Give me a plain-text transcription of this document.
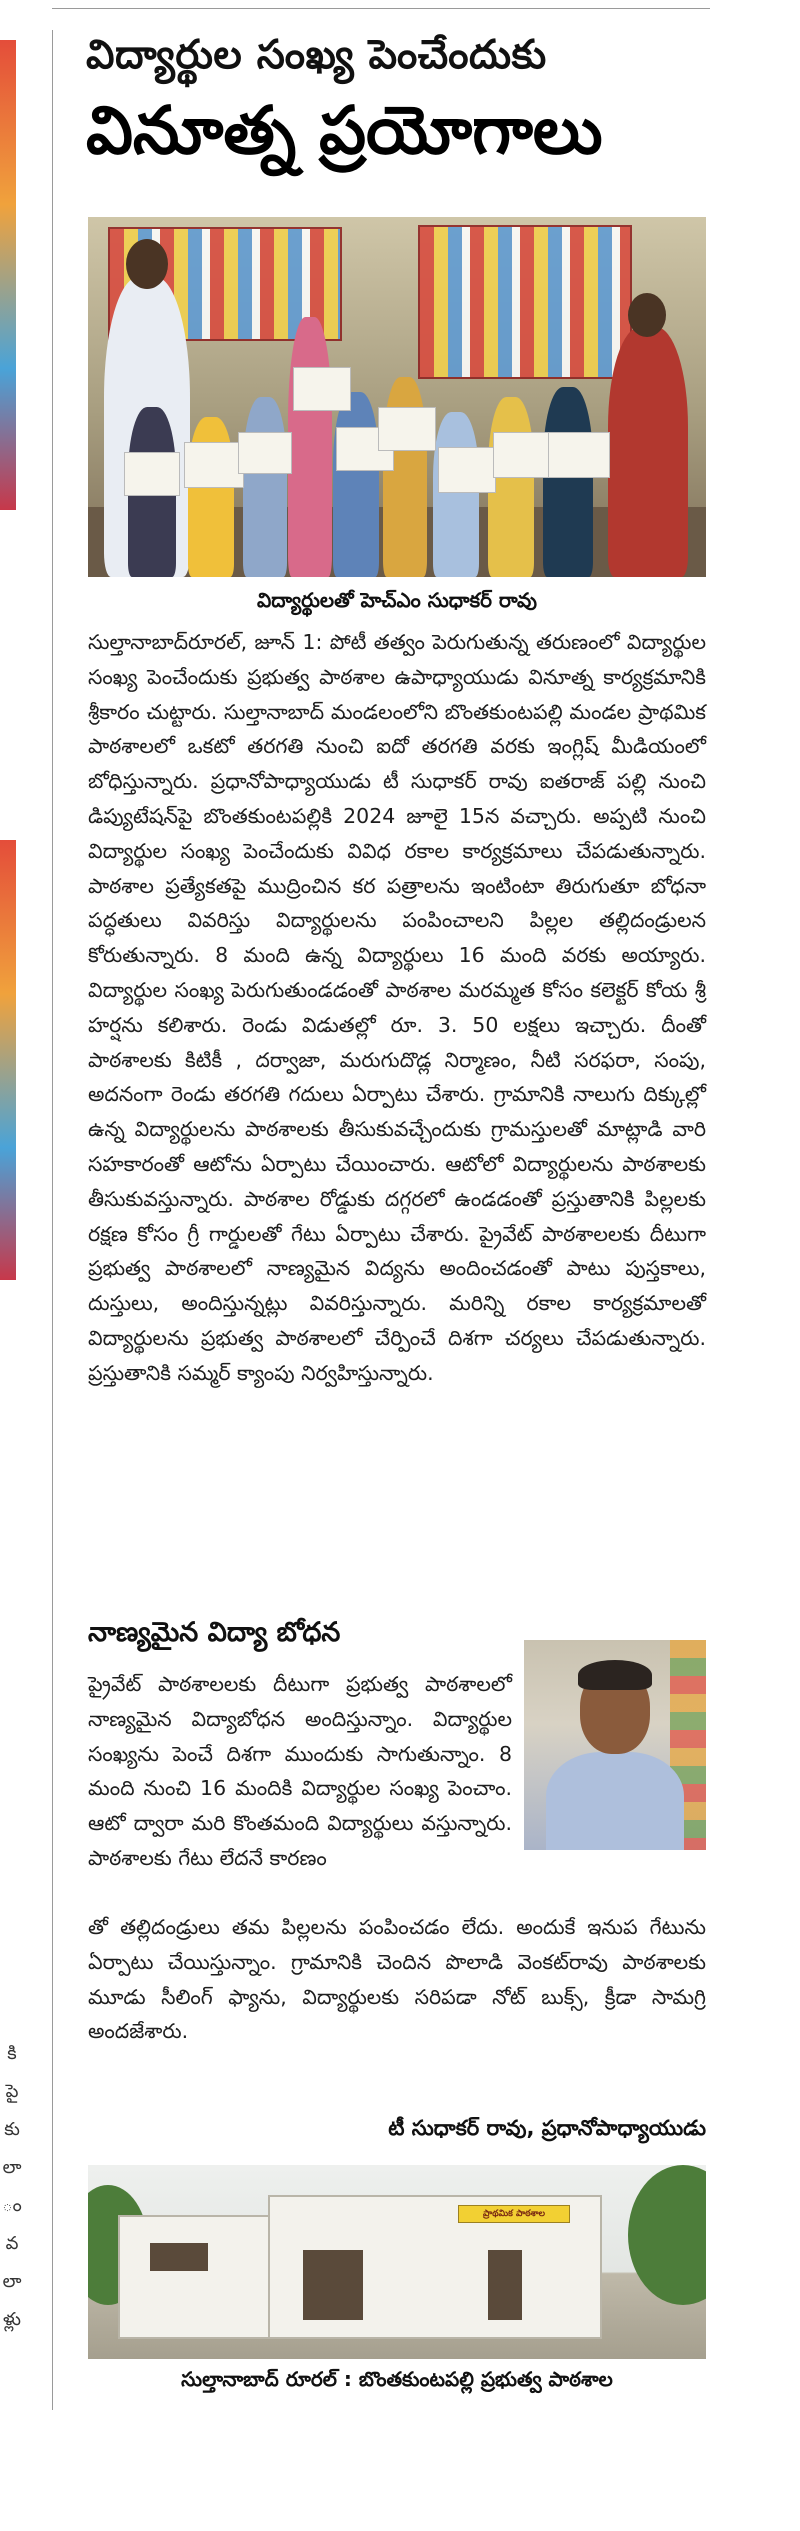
కి
పై
కు
లా
ం
వ
లా
ళ్లు
విద్యార్థుల సంఖ్య పెంచేందుకు
వినూత్న ప్రయోగాలు
విద్యార్థులతో హెచ్ఎం సుధాకర్ రావు
సుల్తానాబాద్‌రూరల్, జూన్ 1: పోటీ తత్వం పెరుగుతున్న తరుణంలో విద్యార్థుల సంఖ్య పెంచేందుకు ప్రభుత్వ పాఠశాల ఉపాధ్యాయుడు వినూత్న కార్యక్రమానికి శ్రీకారం చుట్టారు. సుల్తానాబాద్ మండలంలోని బొంతకుంటపల్లి మండల ప్రాథమిక పాఠశాలలో ఒకటో తరగతి నుంచి ఐదో తరగతి వరకు ఇంగ్లిష్ మీడియంలో బోధిస్తున్నారు. ప్రధానోపాధ్యాయుడు టీ సుధాకర్ రావు ఐతరాజ్ పల్లి నుంచి డిప్యుటేషన్‌పై బొంతకుంటపల్లికి 2024 జూలై 15న వచ్చారు. అప్పటి నుంచి విద్యార్థుల సంఖ్య పెంచేందుకు వివిధ రకాల కార్యక్రమాలు చేపడుతున్నారు. పాఠశాల ప్రత్యేకతపై ముద్రించిన కర పత్రాలను ఇంటింటా తిరుగుతూ బోధనా పద్ధతులు వివరిస్తు విద్యార్థులను పంపించాలని పిల్లల తల్లిదండ్రులన కోరుతున్నారు. 8 మంది ఉన్న విద్యార్థులు 16 మంది వరకు అయ్యారు. విద్యార్థుల సంఖ్య పెరుగుతుండడంతో పాఠశాల మరమ్మత కోసం కలెక్టర్ కోయ శ్రీ హర్షను కలిశారు. రెండు విడుతల్లో రూ. 3. 50 లక్షలు ఇచ్చారు. దీంతో పాఠశాలకు కిటికీ , దర్వాజా, మరుగుదొడ్ల నిర్మాణం, నీటి సరఫరా, సంపు, అదనంగా రెండు తరగతి గదులు ఏర్పాటు చేశారు. గ్రామానికి నాలుగు దిక్కుల్లో ఉన్న విద్యార్థులను పాఠశాలకు తీసుకువచ్చేందుకు గ్రామస్తులతో మాట్లాడి వారి సహకారంతో ఆటోను ఏర్పాటు చేయించారు. ఆటోలో విద్యార్థులను పాఠశాలకు తీసుకువస్తున్నారు. పాఠశాల రోడ్డుకు దగ్గరలో ఉండడంతో ప్రస్తుతానికి పిల్లలకు రక్షణ కోసం గ్రీ గార్డులతో గేటు ఏర్పాటు చేశారు. ప్రైవేట్ పాఠశాలలకు దీటుగా ప్రభుత్వ పాఠశాలలో నాణ్యమైన విద్యను అందించడంతో పాటు పుస్తకాలు, దుస్తులు, అందిస్తున్నట్లు వివరిస్తున్నారు. మరిన్ని రకాల కార్యక్రమాలతో విద్యార్థులను ప్రభుత్వ పాఠశాలలో చేర్పించే దిశగా చర్యలు చేపడుతున్నారు. ప్రస్తుతానికి సమ్మర్ క్యాంపు నిర్వహిస్తున్నారు.
నాణ్యమైన విద్యా బోధన
ప్రైవేట్ పాఠశాలలకు దీటుగా ప్రభుత్వ పాఠశాలలో నాణ్యమైన విద్యాబోధన అందిస్తున్నాం. విద్యార్థుల సంఖ్యను పెంచే దిశగా ముందుకు సాగుతున్నాం. 8 మంది నుంచి 16 మందికి విద్యార్థుల సంఖ్య పెంచాం. ఆటో ద్వారా మరి కొంతమంది విద్యార్థులు వస్తున్నారు. పాఠశాలకు గేటు లేదనే కారణం
తో తల్లిదండ్రులు తమ పిల్లలను పంపించడం లేదు. అందుకే ఇనుప గేటును ఏర్పాటు చేయిస్తున్నాం. గ్రామానికి చెందిన పొలాడి వెంకట్‌రావు పాఠశాలకు మూడు సీలింగ్ ఫ్యాను, విద్యార్థులకు సరిపడా నోట్ బుక్స్, క్రీడా సామగ్రి అందజేశారు.
టీ సుధాకర్ రావు, ప్రధానోపాధ్యాయుడు
ప్రాథమిక పాఠశాల
సుల్తానాబాద్ రూరల్ : బొంతకుంటపల్లి ప్రభుత్వ పాఠశాల
